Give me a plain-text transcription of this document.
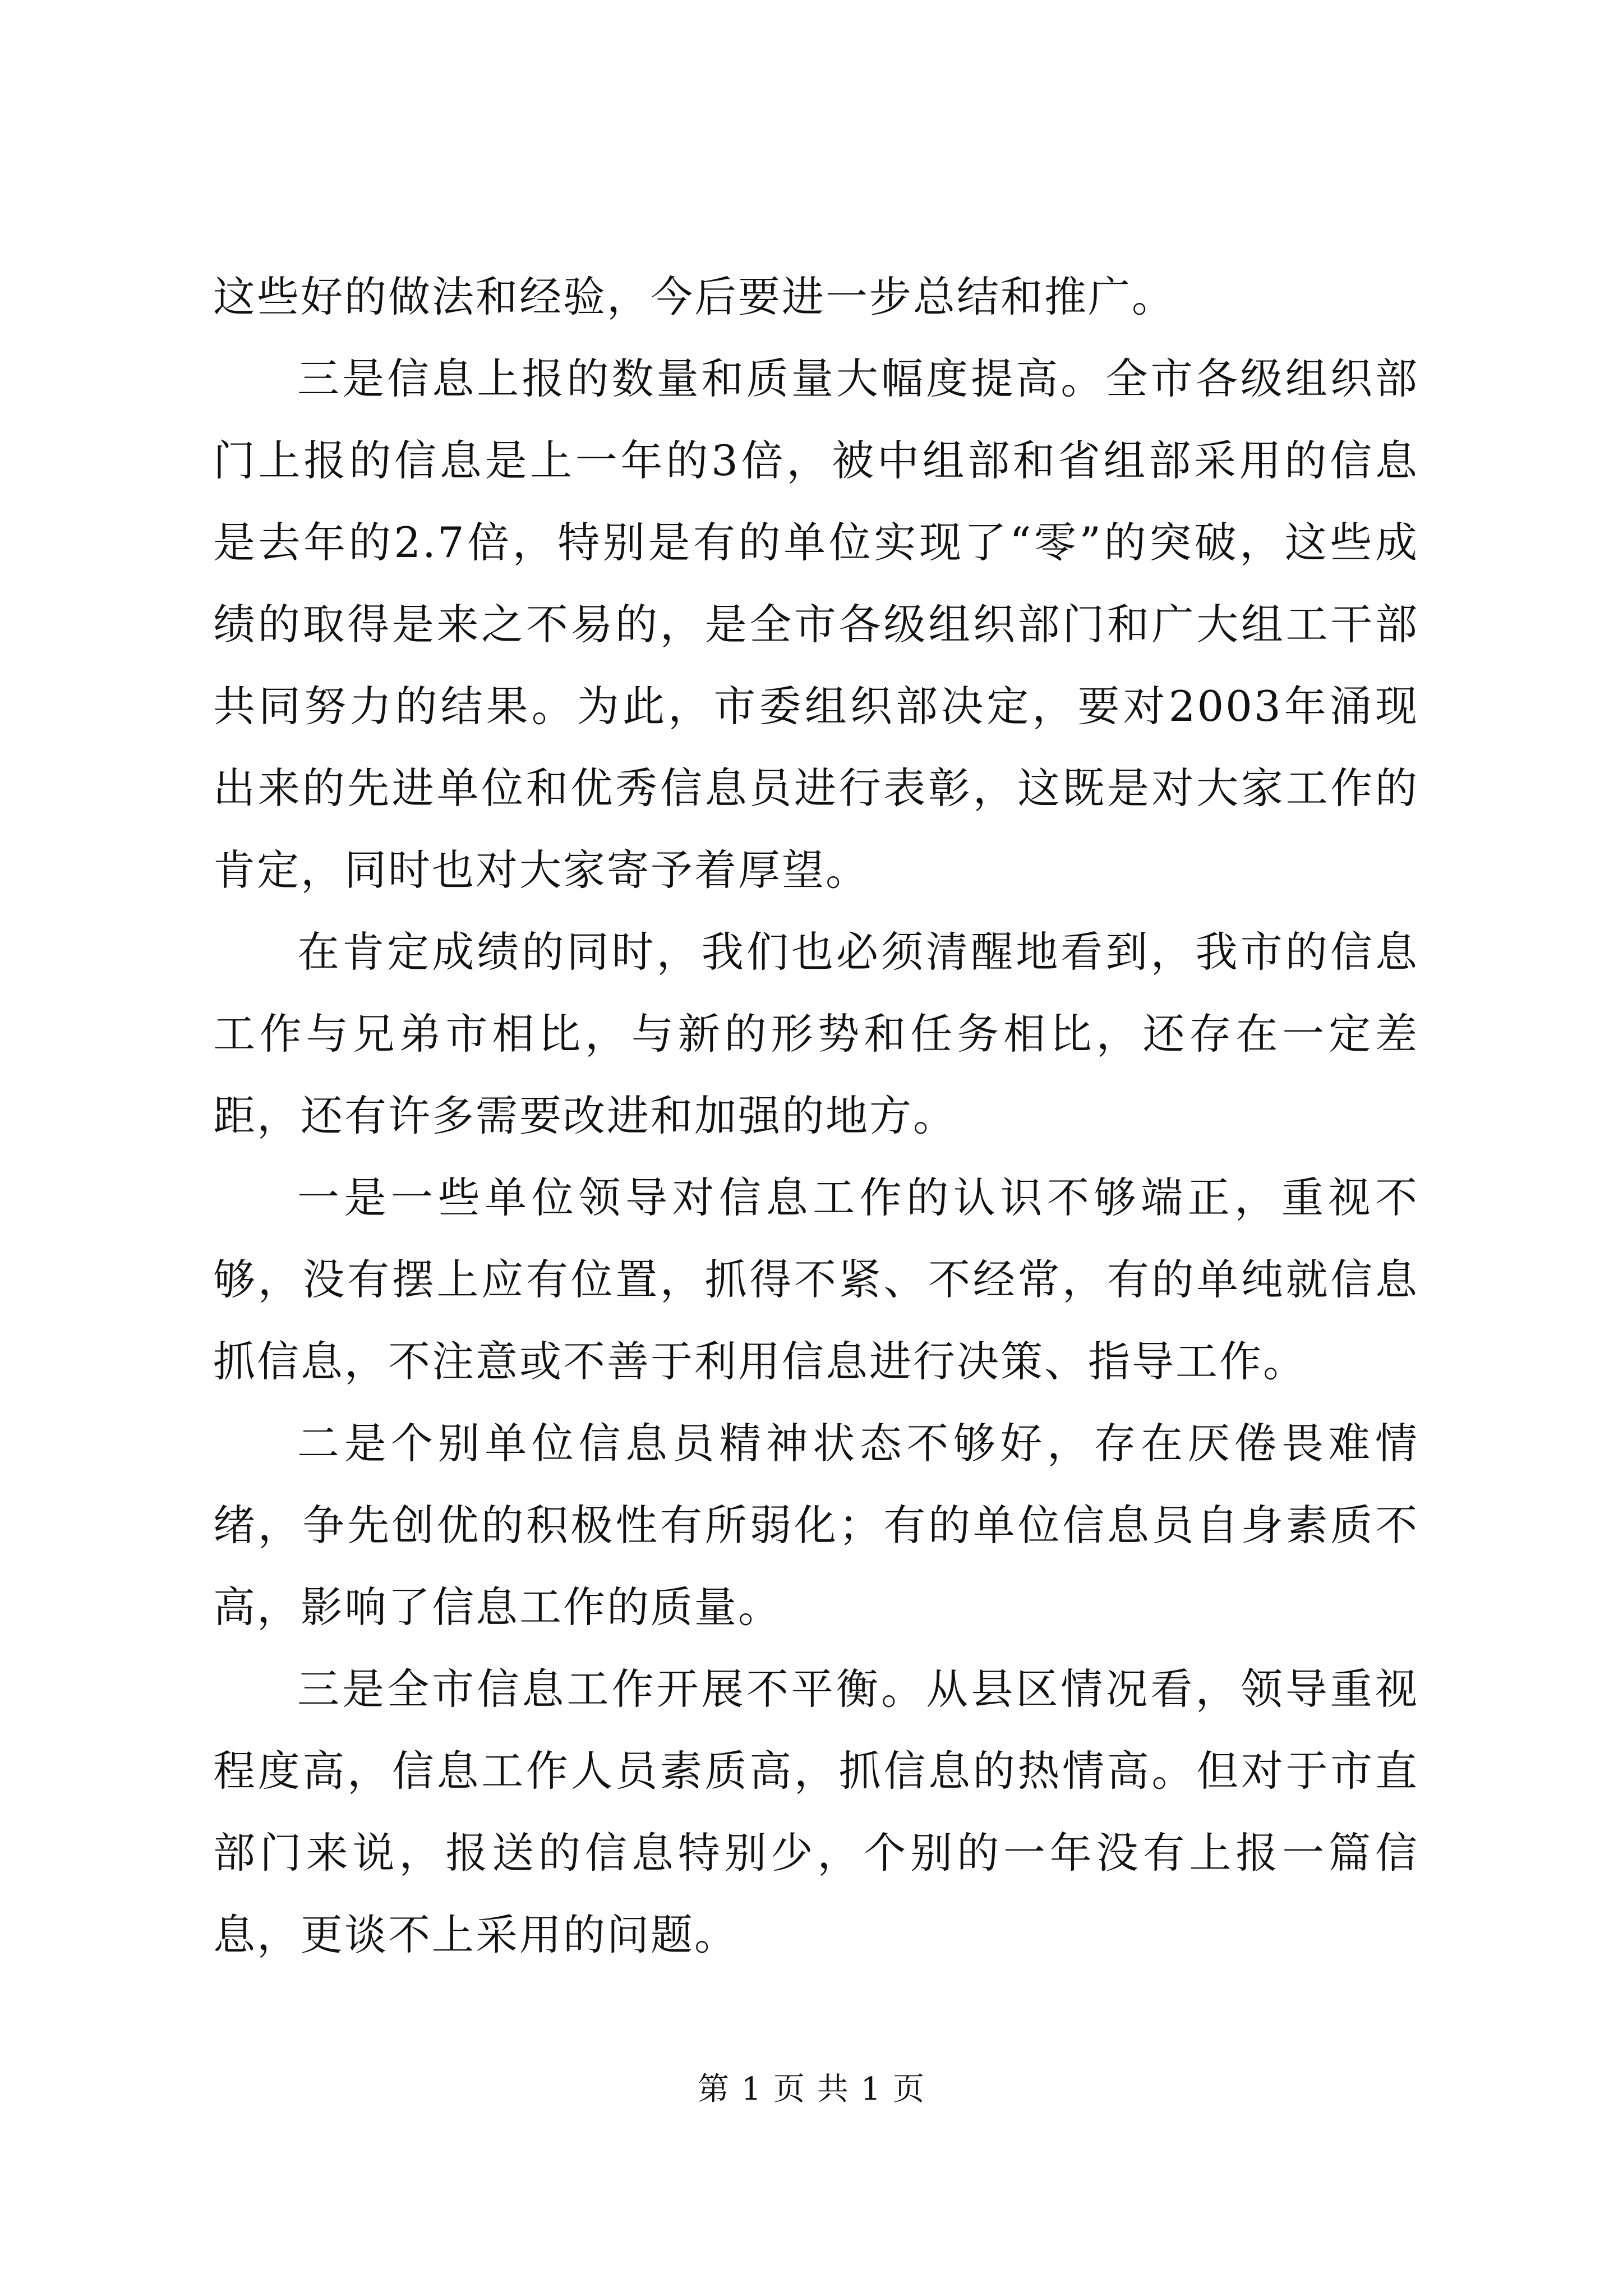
这些好的做法和经验，今后要进一步总结和推广。

三是信息上报的数量和质量大幅度提高。全市各级组织部门上报的信息是上一年的3倍，被中组部和省组部采用的信息是去年的2.7倍，特别是有的单位实现了“零”的突破，这些成绩的取得是来之不易的，是全市各级组织部门和广大组工干部共同努力的结果。为此，市委组织部决定，要对2003年涌现出来的先进单位和优秀信息员进行表彰，这既是对大家工作的肯定，同时也对大家寄予着厚望。

在肯定成绩的同时，我们也必须清醒地看到，我市的信息工作与兄弟市相比，与新的形势和任务相比，还存在一定差距，还有许多需要改进和加强的地方。

一是一些单位领导对信息工作的认识不够端正，重视不够，没有摆上应有位置，抓得不紧、不经常，有的单纯就信息抓信息，不注意或不善于利用信息进行决策、指导工作。

二是个别单位信息员精神状态不够好，存在厌倦畏难情绪，争先创优的积极性有所弱化；有的单位信息员自身素质不高，影响了信息工作的质量。

三是全市信息工作开展不平衡。从县区情况看，领导重视程度高，信息工作人员素质高，抓信息的热情高。但对于市直部门来说，报送的信息特别少，个别的一年没有上报一篇信息，更谈不上采用的问题。

第 1 页 共 1 页
